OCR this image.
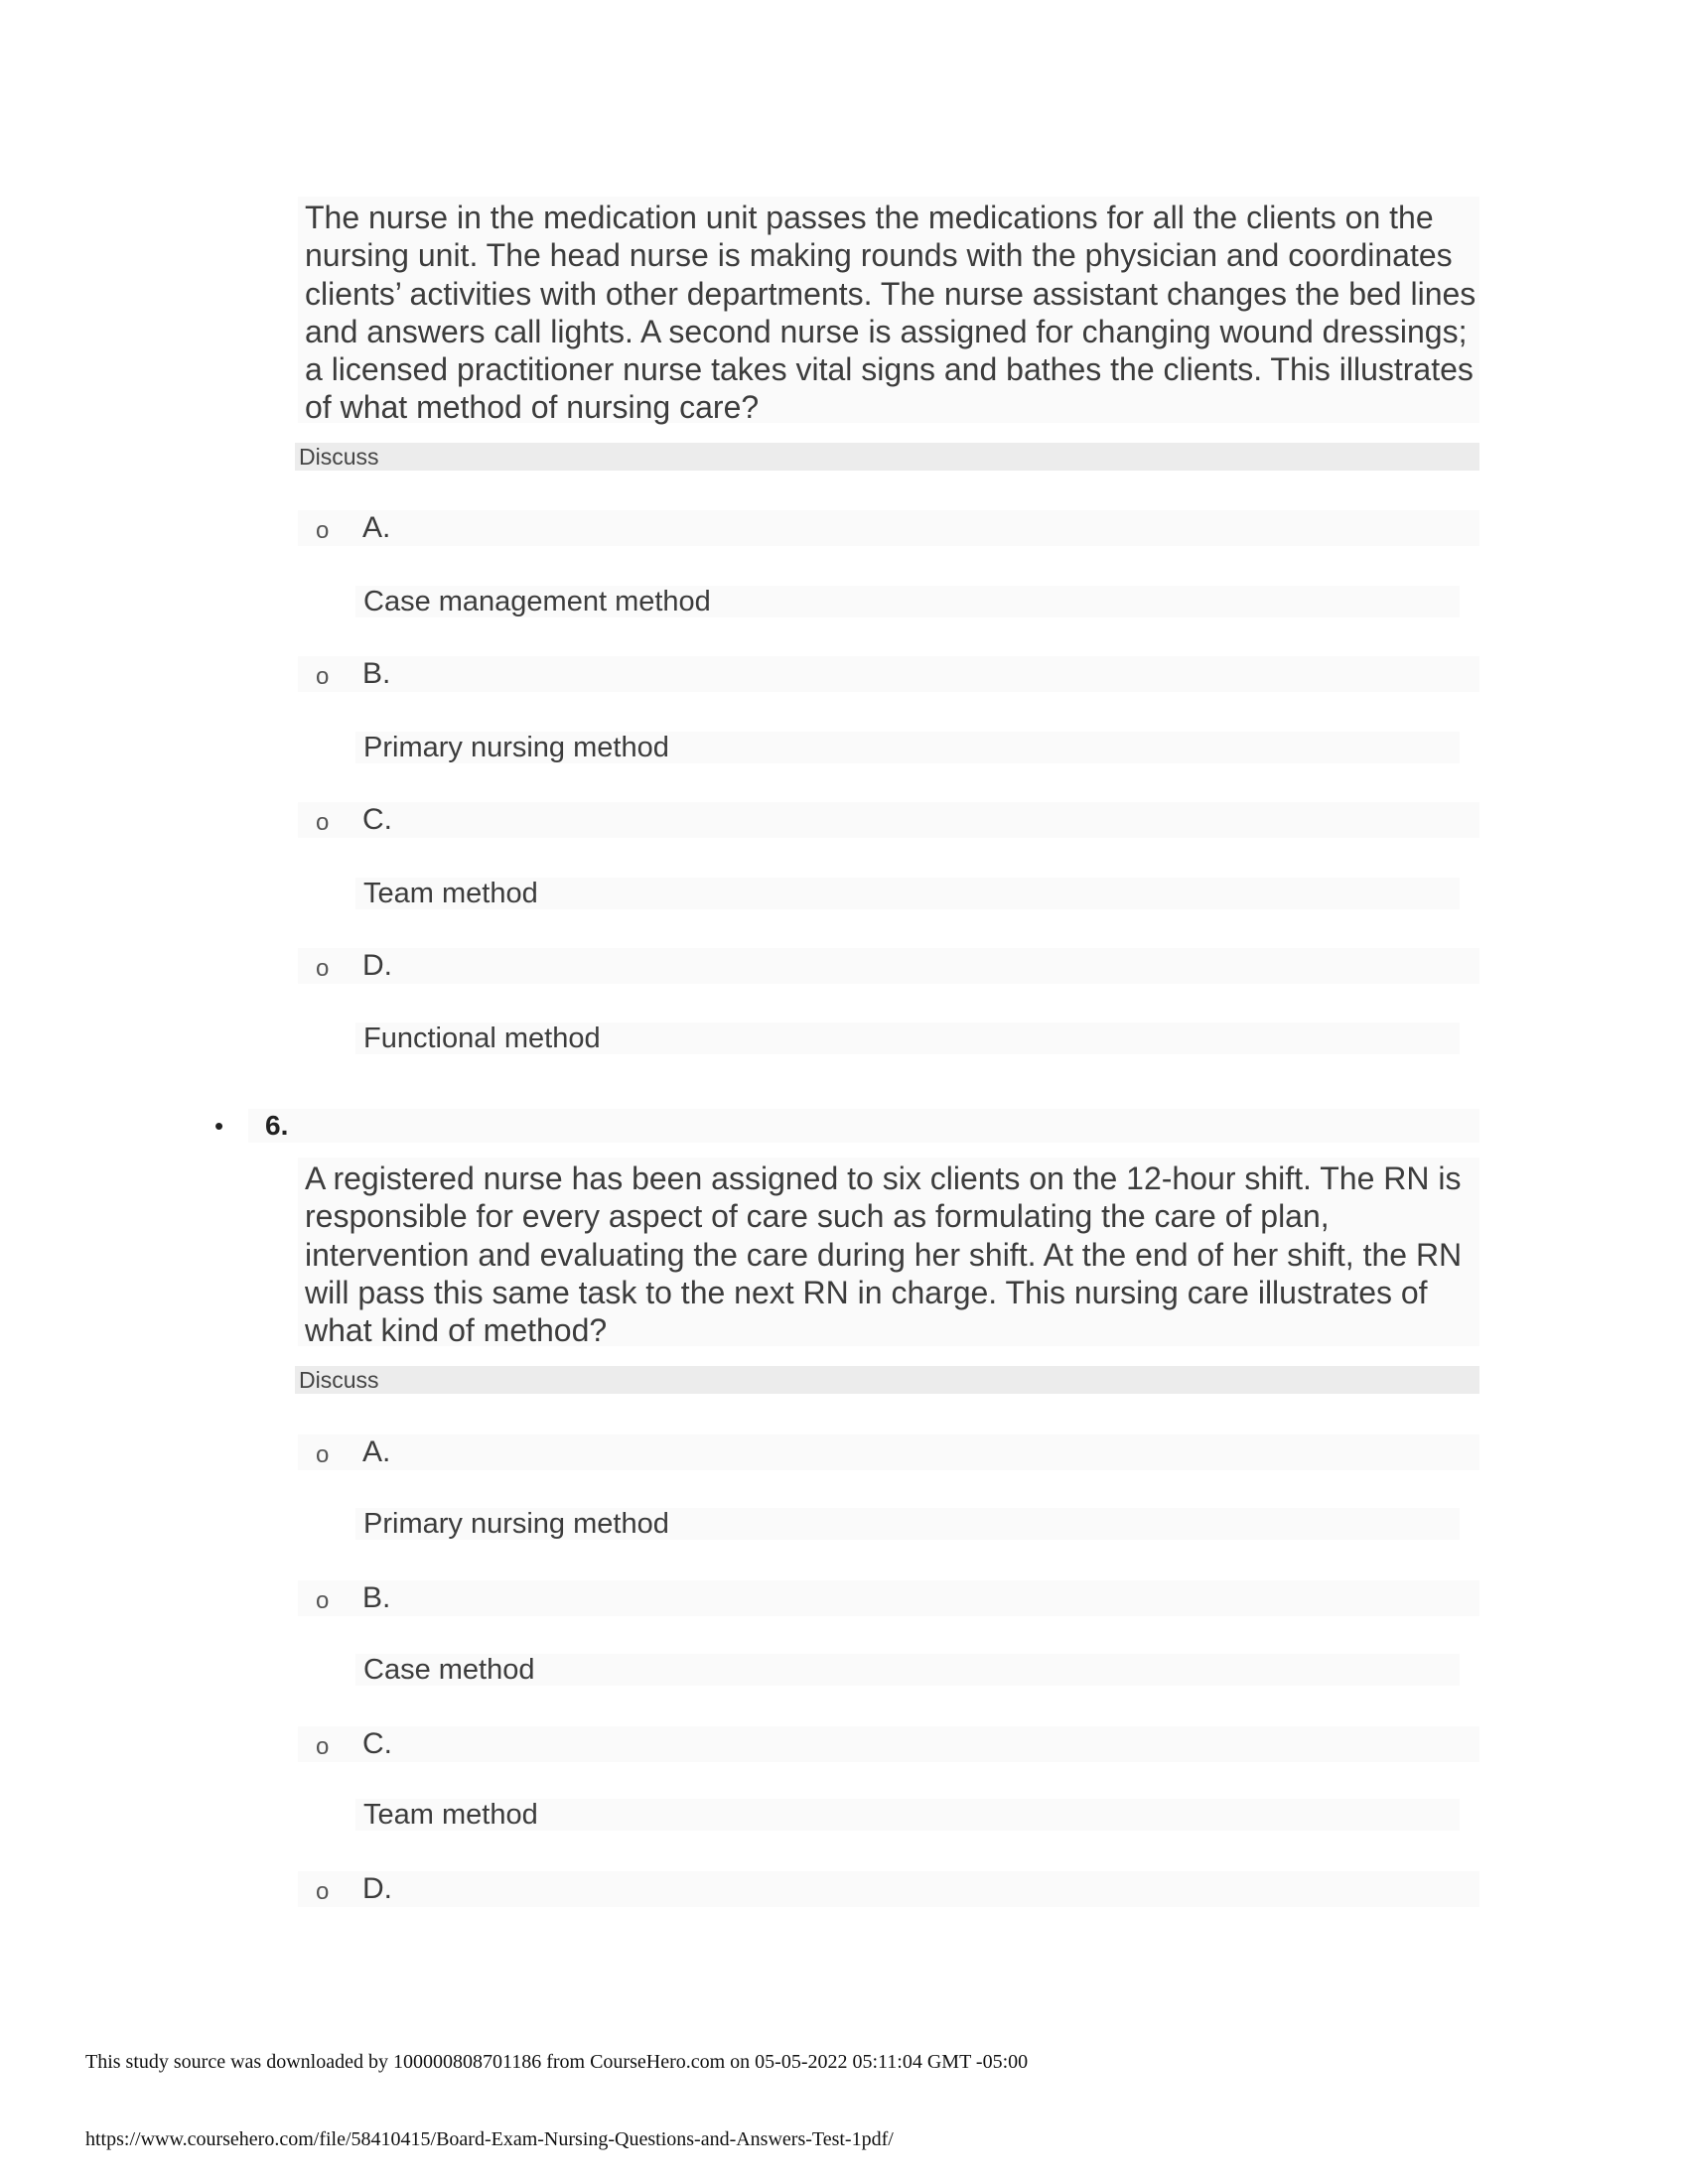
The nurse in the medication unit passes the medications for all the clients on the nursing unit. The head nurse is making rounds with the physician and coordinates clients’ activities with other departments. The nurse assistant changes the bed lines and answers call lights. A second nurse is assigned for changing wound dressings; a licensed practitioner nurse takes vital signs and bathes the clients. This illustrates of what method of nursing care?
Discuss
o A.
Case management method
o B.
Primary nursing method
o C.
Team method
o D.
Functional method
• 6.
A registered nurse has been assigned to six clients on the 12-hour shift. The RN is responsible for every aspect of care such as formulating the care of plan, intervention and evaluating the care during her shift. At the end of her shift, the RN will pass this same task to the next RN in charge. This nursing care illustrates of what kind of method?
Discuss
o A.
Primary nursing method
o B.
Case method
o C.
Team method
o D.
This study source was downloaded by 100000808701186 from CourseHero.com on 05-05-2022 05:11:04 GMT -05:00
https://www.coursehero.com/file/58410415/Board-Exam-Nursing-Questions-and-Answers-Test-1pdf/
